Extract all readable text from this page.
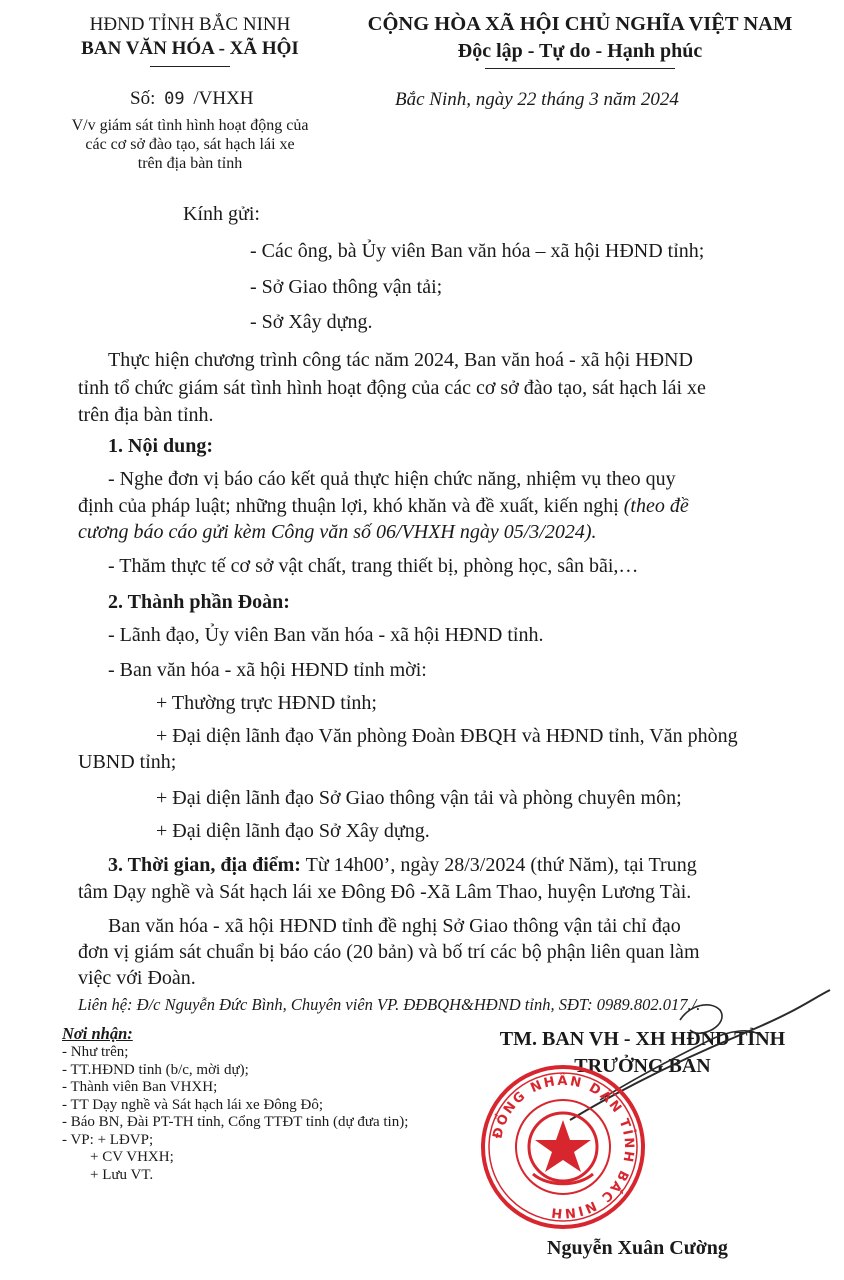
HĐND TỈNH BẮC NINH
BAN VĂN HÓA - XÃ HỘI
CỘNG HÒA XÃ HỘI CHỦ NGHĨA VIỆT NAM
Độc lập - Tự do - Hạnh phúc
Số: 09 /VHXH	Bắc Ninh, ngày 22 tháng 3 năm 2024
V/v giám sát tình hình hoạt động của
các cơ sở đào tạo, sát hạch lái xe
trên địa bàn tỉnh
Kính gửi:
- Các ông, bà Ủy viên Ban văn hóa – xã hội HĐND tỉnh;
- Sở Giao thông vận tải;
- Sở Xây dựng.
Thực hiện chương trình công tác năm 2024, Ban văn hoá - xã hội HĐND
tỉnh tổ chức giám sát tình hình hoạt động của các cơ sở đào tạo, sát hạch lái xe
trên địa bàn tỉnh.
1. Nội dung:
- Nghe đơn vị báo cáo kết quả thực hiện chức năng, nhiệm vụ theo quy
định của pháp luật; những thuận lợi, khó khăn và đề xuất, kiến nghị (theo đề
cương báo cáo gửi kèm Công văn số 06/VHXH ngày 05/3/2024).
- Thăm thực tế cơ sở vật chất, trang thiết bị, phòng học, sân bãi,…
2. Thành phần Đoàn:
- Lãnh đạo, Ủy viên Ban văn hóa - xã hội HĐND tỉnh.
- Ban văn hóa - xã hội HĐND tỉnh mời:
+ Thường trực HĐND tỉnh;
+ Đại diện lãnh đạo Văn phòng Đoàn ĐBQH và HĐND tỉnh, Văn phòng
UBND tỉnh;
+ Đại diện lãnh đạo Sở Giao thông vận tải và phòng chuyên môn;
+ Đại diện lãnh đạo Sở Xây dựng.
3. Thời gian, địa điểm: Từ 14h00’, ngày 28/3/2024 (thứ Năm), tại Trung
tâm Dạy nghề và Sát hạch lái xe Đông Đô -Xã Lâm Thao, huyện Lương Tài.
Ban văn hóa - xã hội HĐND tỉnh đề nghị Sở Giao thông vận tải chỉ đạo
đơn vị giám sát chuẩn bị báo cáo (20 bản) và bố trí các bộ phận liên quan làm
việc với Đoàn.
Liên hệ: Đ/c Nguyễn Đức Bình, Chuyên viên VP. ĐĐBQH&HĐND tỉnh, SĐT: 0989.802.017./.
Nơi nhận:
- Như trên;
- TT.HĐND tỉnh (b/c, mời dự);
- Thành viên Ban VHXH;
- TT Dạy nghề và Sát hạch lái xe Đông Đô;
- Báo BN, Đài PT-TH tỉnh, Cổng TTĐT tỉnh (dự đưa tin);
- VP: + LĐVP;
+ CV VHXH;
+ Lưu VT.
TM. BAN VH - XH HĐND TỈNH
TRƯỞNG BAN
ĐỒNG NHÂN DÂN TỈNH BẮC NINH
Nguyễn Xuân Cường
